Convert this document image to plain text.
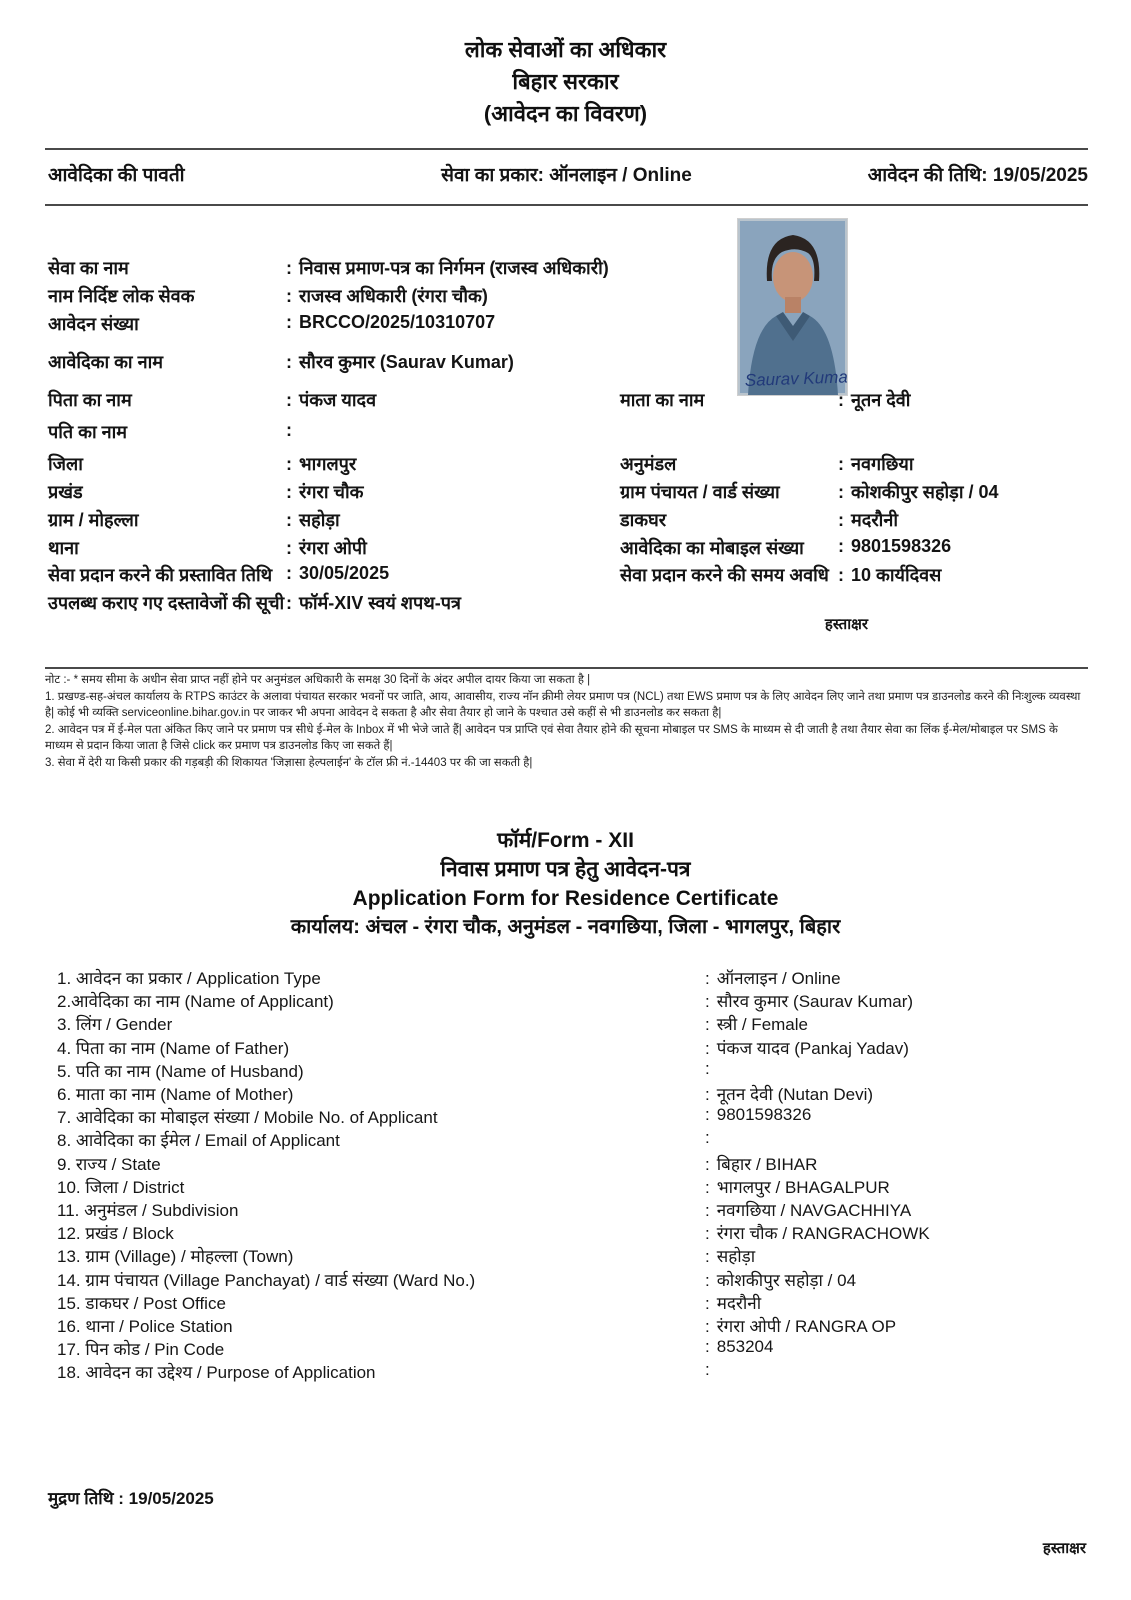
लोक सेवाओं का अधिकार
बिहार सरकार
(आवेदन का विवरण)
आवेदिका की पावती	सेवा का प्रकार: ऑनलाइन / Online	आवेदन की तिथि: 19/05/2025
Saurav Kumar
सेवा का नाम	: निवास प्रमाण-पत्र का निर्गमन (राजस्व अधिकारी)
नाम निर्दिष्ट लोक सेवक	: राजस्व अधिकारी (रंगरा चौक)
आवेदन संख्या	: BRCCO/2025/10310707
आवेदिका का नाम	: सौरव कुमार (Saurav Kumar)
पिता का नाम	: पंकज यादव	माता का नाम	: नूतन देवी
पति का नाम	:
जिला	: भागलपुर	अनुमंडल	: नवगछिया
प्रखंड	: रंगरा चौक	ग्राम पंचायत / वार्ड संख्या	: कोशकीपुर सहोड़ा / 04
ग्राम / मोहल्ला	: सहोड़ा	डाकघर	: मदरौनी
थाना	: रंगरा ओपी	आवेदिका का मोबाइल संख्या : 9801598326
सेवा प्रदान करने की प्रस्तावित तिथि : 30/05/2025	सेवा प्रदान करने की समय अवधि : 10 कार्यदिवस
उपलब्ध कराए गए दस्तावेजों की सूची : फॉर्म-XIV स्वयं शपथ-पत्र
हस्ताक्षर
नोट :- * समय सीमा के अधीन सेवा प्राप्त नहीं होने पर अनुमंडल अधिकारी के समक्ष 30 दिनों के अंदर अपील दायर किया जा सकता है |
1. प्रखण्ड-सह-अंचल कार्यालय के RTPS काउंटर के अलावा पंचायत सरकार भवनों पर जाति, आय, आवासीय, राज्य नॉन क्रीमी लेयर प्रमाण पत्र (NCL) तथा EWS प्रमाण पत्र के लिए आवेदन लिए जाने तथा प्रमाण पत्र डाउनलोड करने की निःशुल्क व्यवस्था है| कोई भी व्यक्ति serviceonline.bihar.gov.in पर जाकर भी अपना आवेदन दे सकता है और सेवा तैयार हो जाने के पश्चात उसे कहीं से भी डाउनलोड कर सकता है|
2. आवेदन पत्र में ई-मेल पता अंकित किए जाने पर प्रमाण पत्र सीधे ई-मेल के Inbox में भी भेजे जाते हैं| आवेदन पत्र प्राप्ति एवं सेवा तैयार होने की सूचना मोबाइल पर SMS के माध्यम से दी जाती है तथा तैयार सेवा का लिंक ई-मेल/मोबाइल पर SMS के माध्यम से प्रदान किया जाता है जिसे click कर प्रमाण पत्र डाउनलोड किए जा सकते हैं|
3. सेवा में देरी या किसी प्रकार की गड़बड़ी की शिकायत 'जिज्ञासा हेल्पलाईन' के टॉल फ्री नं.-14403 पर की जा सकती है|
फॉर्म/Form - XII
निवास प्रमाण पत्र हेतु आवेदन-पत्र
Application Form for Residence Certificate
कार्यालय: अंचल - रंगरा चौक, अनुमंडल - नवगछिया, जिला - भागलपुर, बिहार
1. आवेदन का प्रकार / Application Type	: ऑनलाइन / Online
2.आवेदिका का नाम (Name of Applicant)	: सौरव कुमार (Saurav Kumar)
3. लिंग / Gender	: स्त्री / Female
4. पिता का नाम (Name of Father)	: पंकज यादव (Pankaj Yadav)
5. पति का नाम (Name of Husband)	:
6. माता का नाम (Name of Mother)	: नूतन देवी (Nutan Devi)
7. आवेदिका का मोबाइल संख्या / Mobile No. of Applicant	: 9801598326
8. आवेदिका का ईमेल / Email of Applicant	:
9. राज्य / State	: बिहार / BIHAR
10. जिला / District	: भागलपुर / BHAGALPUR
11. अनुमंडल / Subdivision	: नवगछिया / NAVGACHHIYA
12. प्रखंड / Block	: रंगरा चौक / RANGRACHOWK
13. ग्राम (Village) / मोहल्ला (Town)	: सहोड़ा
14. ग्राम पंचायत (Village Panchayat) / वार्ड संख्या (Ward No.)	: कोशकीपुर सहोड़ा / 04
15. डाकघर / Post Office	: मदरौनी
16. थाना / Police Station	: रंगरा ओपी / RANGRA OP
17. पिन कोड / Pin Code	: 853204
18. आवेदन का उद्देश्य / Purpose of Application	:
मुद्रण तिथि : 19/05/2025
हस्ताक्षर
